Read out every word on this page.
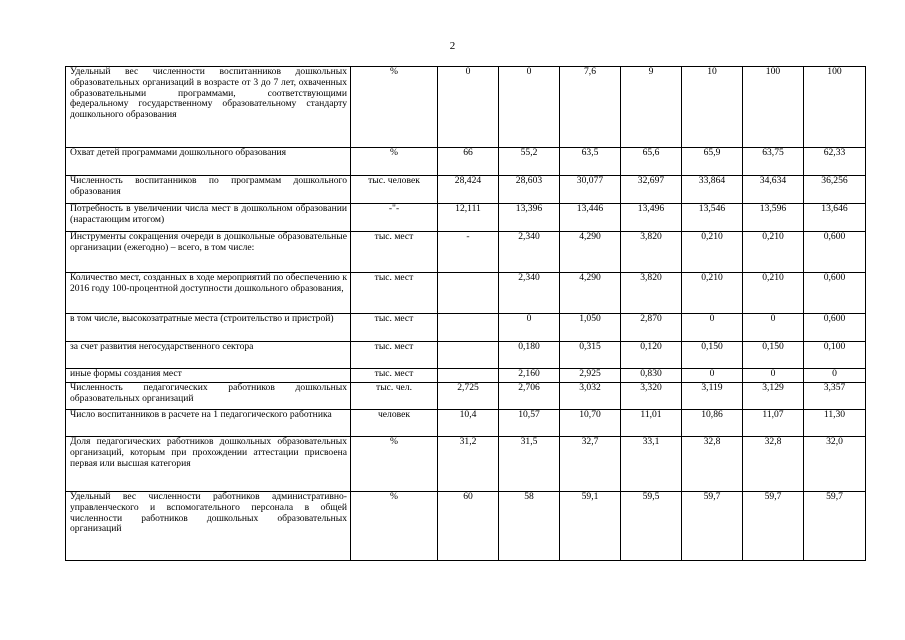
2
Удельный вес численности воспитанников дошкольных образовательных организаций в возрасте от 3 до 7 лет, охваченных образовательными программами, соответствующими федеральному государственному образовательному стандарту дошкольного образования	%	0	0	7,6	9	10	100	100
Охват детей программами дошкольного образования	%	66	55,2	63,5	65,6	65,9	63,75	62,33
Численность воспитанников по программам дошкольного образования	тыс. человек	28,424	28,603	30,077	32,697	33,864	34,634	36,256
Потребность в увеличении числа мест в дошкольном образовании (нарастающим итогом)	-"-	12,111	13,396	13,446	13,496	13,546	13,596	13,646
Инструменты сокращения очереди в дошкольные образовательные организации (ежегодно) – всего, в том числе:	тыс. мест	-	2,340	4,290	3,820	0,210	0,210	0,600
Количество мест, созданных в ходе мероприятий по обеспечению к 2016 году 100-процентной доступности дошкольного образования,	тыс. мест		2,340	4,290	3,820	0,210	0,210	0,600
в том числе, высокозатратные места (строительство и пристрой)	тыс. мест		0	1,050	2,870	0	0	0,600
за счет развития негосударственного сектора	тыс. мест		0,180	0,315	0,120	0,150	0,150	0,100
иные формы создания мест	тыс. мест		2,160	2,925	0,830	0	0	0
Численность педагогических работников дошкольных образовательных организаций	тыс. чел.	2,725	2,706	3,032	3,320	3,119	3,129	3,357
Число воспитанников в расчете на 1 педагогического работника	человек	10,4	10,57	10,70	11,01	10,86	11,07	11,30
Доля педагогических работников дошкольных образовательных организаций, которым при прохождении аттестации присвоена первая или высшая категория	%	31,2	31,5	32,7	33,1	32,8	32,8	32,0
Удельный вес численности работников административно-управленческого и вспомогательного персонала в общей численности работников дошкольных образовательных организаций	%	60	58	59,1	59,5	59,7	59,7	59,7
